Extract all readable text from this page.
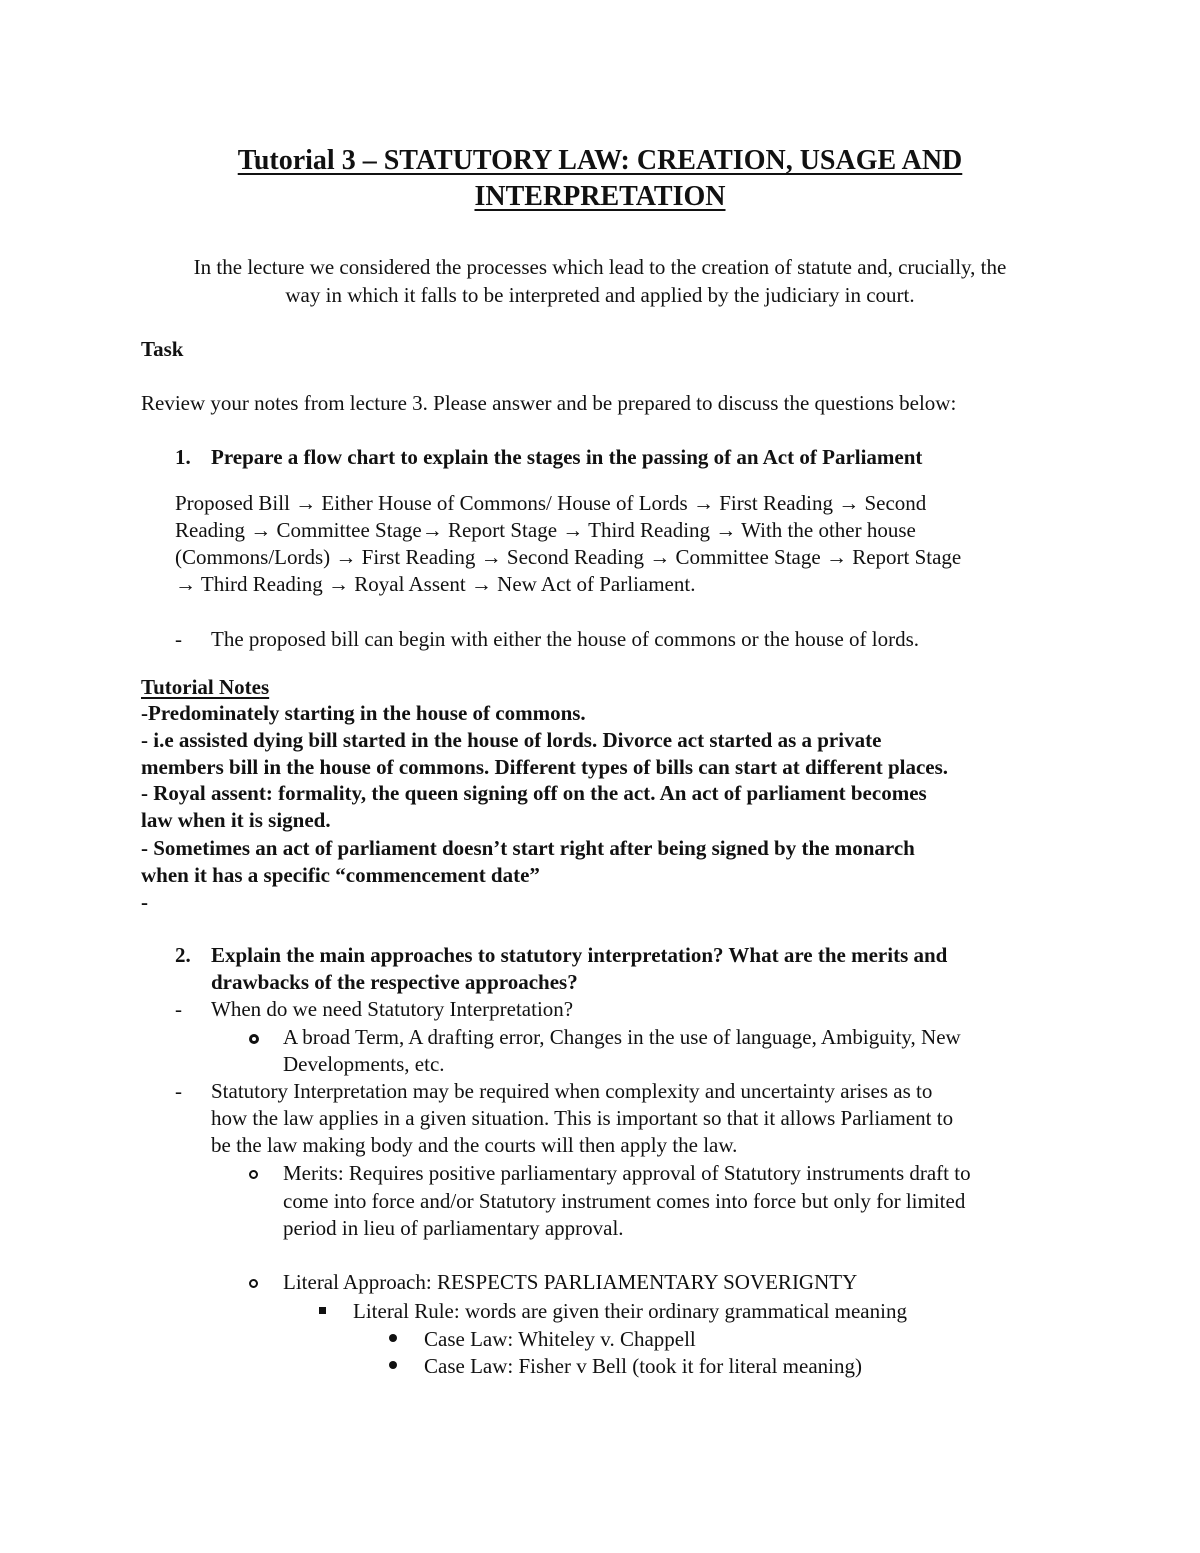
Tutorial 3 – STATUTORY LAW: CREATION, USAGE AND
INTERPRETATION
In the lecture we considered the processes which lead to the creation of statute and, crucially, the
way in which it falls to be interpreted and applied by the judiciary in court.
Task
Review your notes from lecture 3. Please answer and be prepared to discuss the questions below:
1. Prepare a flow chart to explain the stages in the passing of an Act of Parliament
Proposed Bill → Either House of Commons/ House of Lords → First Reading → Second
Reading → Committee Stage→ Report Stage → Third Reading → With the other house
(Commons/Lords) → First Reading → Second Reading → Committee Stage → Report Stage
→ Third Reading → Royal Assent → New Act of Parliament.
- The proposed bill can begin with either the house of commons or the house of lords.
Tutorial Notes
-Predominately starting in the house of commons.
- i.e assisted dying bill started in the house of lords. Divorce act started as a private
members bill in the house of commons. Different types of bills can start at different places.
- Royal assent: formality, the queen signing off on the act. An act of parliament becomes
law when it is signed.
- Sometimes an act of parliament doesn’t start right after being signed by the monarch
when it has a specific “commencement date”
-
2. Explain the main approaches to statutory interpretation? What are the merits and
drawbacks of the respective approaches?
- When do we need Statutory Interpretation?
A broad Term, A drafting error, Changes in the use of language, Ambiguity, New
Developments, etc.
- Statutory Interpretation may be required when complexity and uncertainty arises as to
how the law applies in a given situation. This is important so that it allows Parliament to
be the law making body and the courts will then apply the law.
Merits: Requires positive parliamentary approval of Statutory instruments draft to
come into force and/or Statutory instrument comes into force but only for limited
period in lieu of parliamentary approval.
Literal Approach: RESPECTS PARLIAMENTARY SOVERIGNTY
Literal Rule: words are given their ordinary grammatical meaning
Case Law: Whiteley v. Chappell
Case Law: Fisher v Bell (took it for literal meaning)
